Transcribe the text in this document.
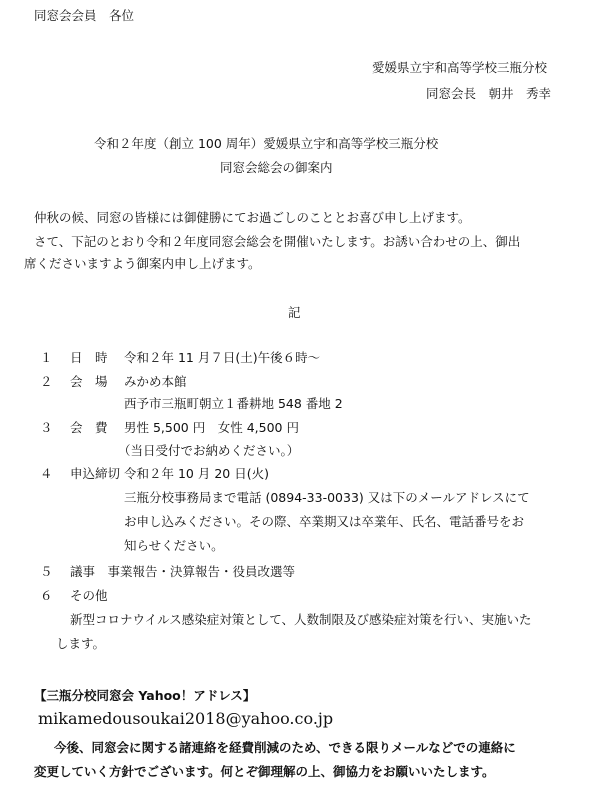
同窓会会員　各位
愛媛県立宇和高等学校三瓶分校
同窓会長　朝井　秀幸
令和２年度（創立 100 周年）愛媛県立宇和高等学校三瓶分校
同窓会総会の御案内
仲秋の候、同窓の皆様には御健勝にてお過ごしのこととお喜び申し上げます。
さて、下記のとおり令和２年度同窓会総会を開催いたします。お誘い合わせの上、御出
席くださいますよう御案内申し上げます。
記
１ 日　時 令和２年 11 月７日(土)午後６時～
２ 会　場 みかめ本館
西予市三瓶町朝立１番耕地 548 番地 2
３ 会　費 男性 5,500 円　女性 4,500 円
（当日受付でお納めください。）
４ 申込締切 令和２年 10 月 20 日(火)
三瓶分校事務局まで電話 (0894-33-0033) 又は下のメールアドレスにて
お申し込みください。その際、卒業期又は卒業年、氏名、電話番号をお
知らせください。
５ 議事　事業報告・決算報告・役員改選等
６ その他
新型コロナウイルス感染症対策として、人数制限及び感染症対策を行い、実施いた
します。
【三瓶分校同窓会 Yahoo！アドレス】
mikamedousoukai2018@yahoo.co.jp
今後、同窓会に関する諸連絡を経費削減のため、できる限りメールなどでの連絡に
変更していく方針でございます。何とぞ御理解の上、御協力をお願いいたします。
